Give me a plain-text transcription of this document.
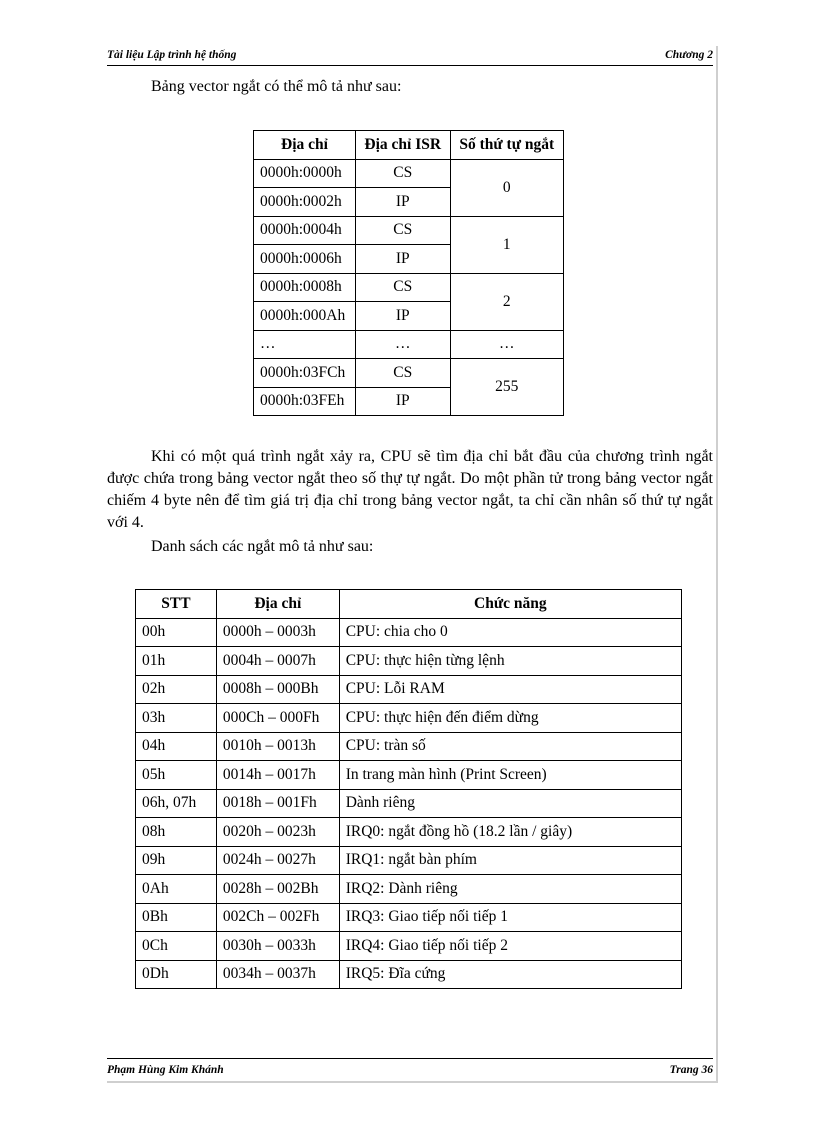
Tài liệu Lập trình hệ thống	Chương 2
Bảng vector ngắt có thể mô tả như sau:
Địa chỉ	Địa chỉ ISR	Số thứ tự ngắt
0000h:0000h	CS	0
0000h:0002h	IP	
0000h:0004h	CS	1
0000h:0006h	IP	
0000h:0008h	CS	2
0000h:000Ah	IP	
…	…	…
0000h:03FCh	CS	255
0000h:03FEh	IP	
Khi có một quá trình ngắt xảy ra, CPU sẽ tìm địa chỉ bắt đầu của chương trình ngắt được chứa trong bảng vector ngắt theo số thự tự ngắt. Do một phần tử trong bảng vector ngắt chiếm 4 byte nên để tìm giá trị địa chỉ trong bảng vector ngắt, ta chỉ cần nhân số thứ tự ngắt với 4.
Danh sách các ngắt mô tả như sau:
STT	Địa chỉ	Chức năng
00h	0000h – 0003h	CPU: chia cho 0
01h	0004h – 0007h	CPU: thực hiện từng lệnh
02h	0008h – 000Bh	CPU: Lỗi RAM
03h	000Ch – 000Fh	CPU: thực hiện đến điểm dừng
04h	0010h – 0013h	CPU: tràn số
05h	0014h – 0017h	In trang màn hình (Print Screen)
06h, 07h	0018h – 001Fh	Dành riêng
08h	0020h – 0023h	IRQ0: ngắt đồng hồ (18.2 lần / giây)
09h	0024h – 0027h	IRQ1: ngắt bàn phím
0Ah	0028h – 002Bh	IRQ2: Dành riêng
0Bh	002Ch – 002Fh	IRQ3: Giao tiếp nối tiếp 1
0Ch	0030h – 0033h	IRQ4: Giao tiếp nối tiếp 2
0Dh	0034h – 0037h	IRQ5: Đĩa cứng
Phạm Hùng Kim Khánh	Trang 36
